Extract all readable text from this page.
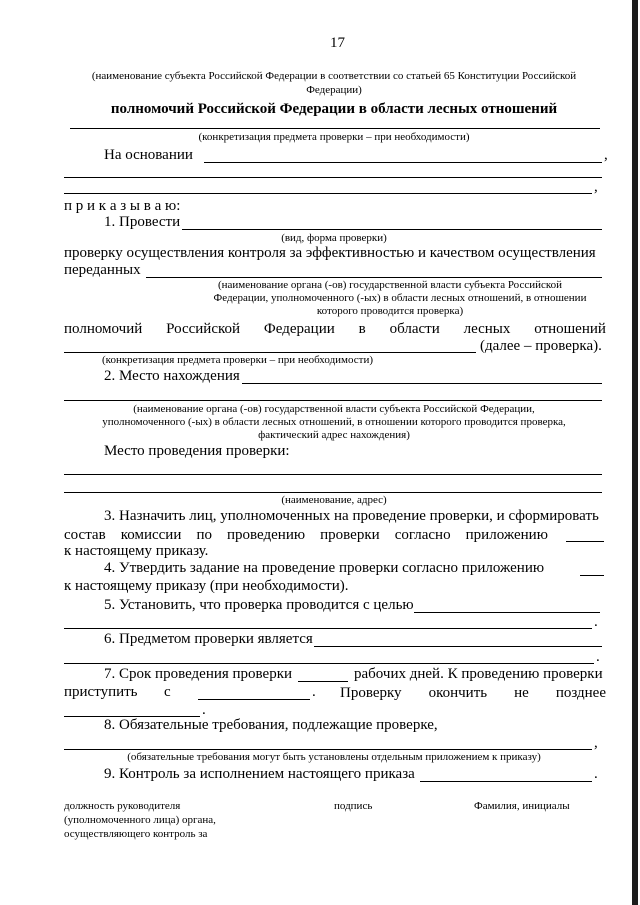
17
(наименование субъекта Российской Федерации в соответствии со статьей 65 Конституции Российской
Федерации)
полномочий Российской Федерации в области лесных отношений
(конкретизация предмета проверки – при необходимости)
На основании	,
,
п р и к а з ы в а ю:
1. Провести
(вид, форма проверки)
проверку осуществления контроля за эффективностью и качеством осуществления
переданных
(наименование органа (-ов) государственной власти субъекта Российской
Федерации, уполномоченного (-ых) в области лесных отношений, в отношении
которого проводится проверка)
полномочий Российской Федерации в области лесных отношений
(далее – проверка).
(конкретизация предмета проверки – при необходимости)
2. Место нахождения
(наименование органа (-ов) государственной власти субъекта Российской Федерации,
уполномоченного (-ых) в области лесных отношений, в отношении которого проводится проверка,
фактический адрес нахождения)
Место проведения проверки:
(наименование, адрес)
3. Назначить лиц, уполномоченных на проведение проверки, и сформировать
состав комиссии по проведению проверки согласно приложению
к настоящему приказу.
4. Утвердить задание на проведение проверки согласно приложению
к настоящему приказу (при необходимости).
5. Установить, что проверка проводится с целью
.
6. Предметом проверки является
.
7. Срок проведения проверки	рабочих дней. К проведению проверки
приступить с	. Проверку окончить не позднее
.
8. Обязательные требования, подлежащие проверке,
,
(обязательные требования могут быть установлены отдельным приложением к приказу)
9. Контроль за исполнением настоящего приказа	.
должность руководителя
(уполномоченного лица) органа,
осуществляющего контроль за
подпись	Фамилия, инициалы
